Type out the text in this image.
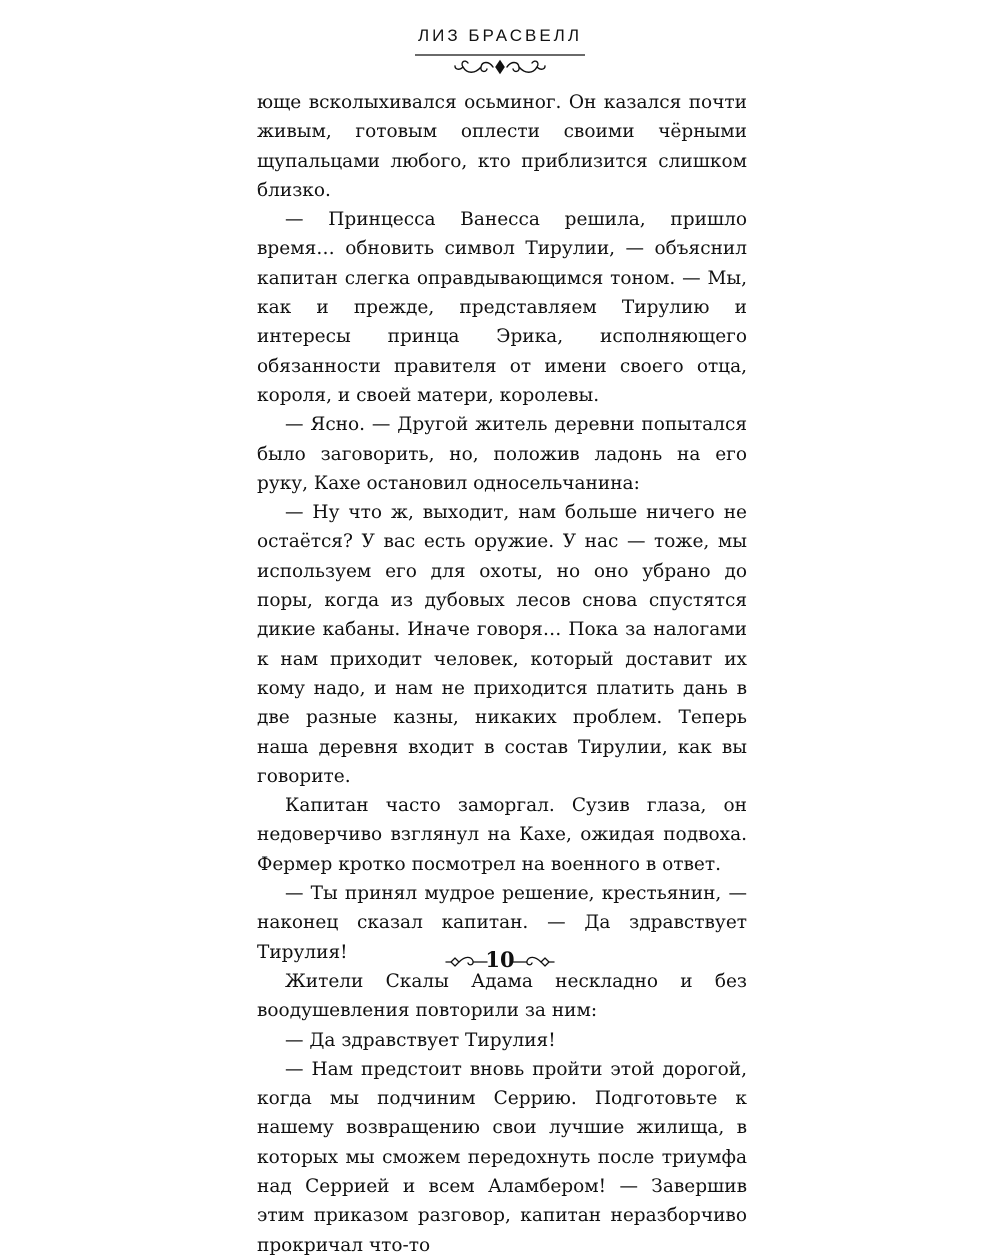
ЛИЗ БРАСВЕЛЛ

юще всколыхивался осьминог. Он казался почти живым, готовым оплести своими чёрными щупальцами любого, кто приблизится слишком близко.

— Принцесса Ванесса решила, пришло время… обновить символ Тирулии, — объяснил капитан слегка оправдывающимся тоном. — Мы, как и прежде, представляем Тирулию и интересы принца Эрика, исполняющего обязанности правителя от имени своего отца, короля, и своей матери, королевы.

— Ясно. — Другой житель деревни попытался было заговорить, но, положив ладонь на его руку, Кахе остановил односельчанина:

— Ну что ж, выходит, нам больше ничего не остаётся? У вас есть оружие. У нас — тоже, мы используем его для охоты, но оно убрано до поры, когда из дубовых лесов снова спустятся дикие кабаны. Иначе говоря… Пока за налогами к нам приходит человек, который доставит их кому надо, и нам не приходится платить дань в две разные казны, никаких проблем. Теперь наша деревня входит в состав Тирулии, как вы говорите.

Капитан часто заморгал. Сузив глаза, он недоверчиво взглянул на Кахе, ожидая подвоха. Фермер кротко посмотрел на военного в ответ.

— Ты принял мудрое решение, крестьянин, — наконец сказал капитан. — Да здравствует Тирулия!

Жители Скалы Адама нескладно и без воодушевления повторили за ним:

— Да здравствует Тирулия!

— Нам предстоит вновь пройти этой дорогой, когда мы подчиним Серрию. Подготовьте к нашему возвращению свои лучшие жилища, в которых мы сможем передохнуть после триумфа над Серрией и всем Аламбером! — Завершив этим приказом разговор, капитан неразборчиво прокричал что-то

10
